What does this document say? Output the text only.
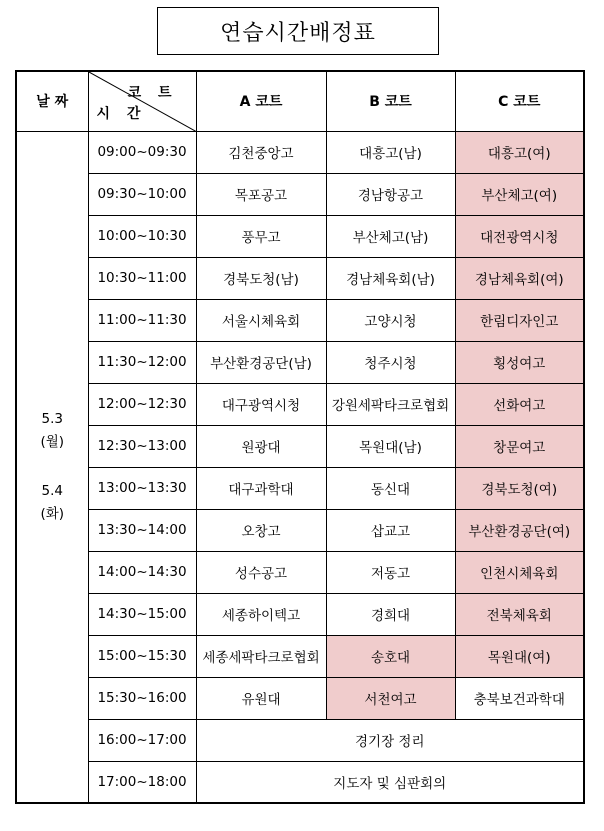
연습시간배정표
날 짜	코 트
시 간	A 코트	B 코트	C 코트

5.3
(월)
5.4
(화)	09:00~09:30	김천중앙고	대흥고(남)	대흥고(여)
	09:30~10:00	목포공고	경남항공고	부산체고(여)
	10:00~10:30	풍무고	부산체고(남)	대전광역시청
	10:30~11:00	경북도청(남)	경남체육회(남)	경남체육회(여)
	11:00~11:30	서울시체육회	고양시청	한림디자인고
	11:30~12:00	부산환경공단(남)	청주시청	횡성여고
	12:00~12:30	대구광역시청	강원세팍타크로협회	선화여고
	12:30~13:00	원광대	목원대(남)	창문여고
	13:00~13:30	대구과학대	동신대	경북도청(여)
	13:30~14:00	오창고	삽교고	부산환경공단(여)
	14:00~14:30	성수공고	저동고	인천시체육회
	14:30~15:00	세종하이텍고	경희대	전북체육회
	15:00~15:30	세종세팍타크로협회	송호대	목원대(여)
	15:30~16:00	유원대	서천여고	충북보건과학대
	16:00~17:00	경기장 정리		
	17:00~18:00	지도자 및 심판회의		
